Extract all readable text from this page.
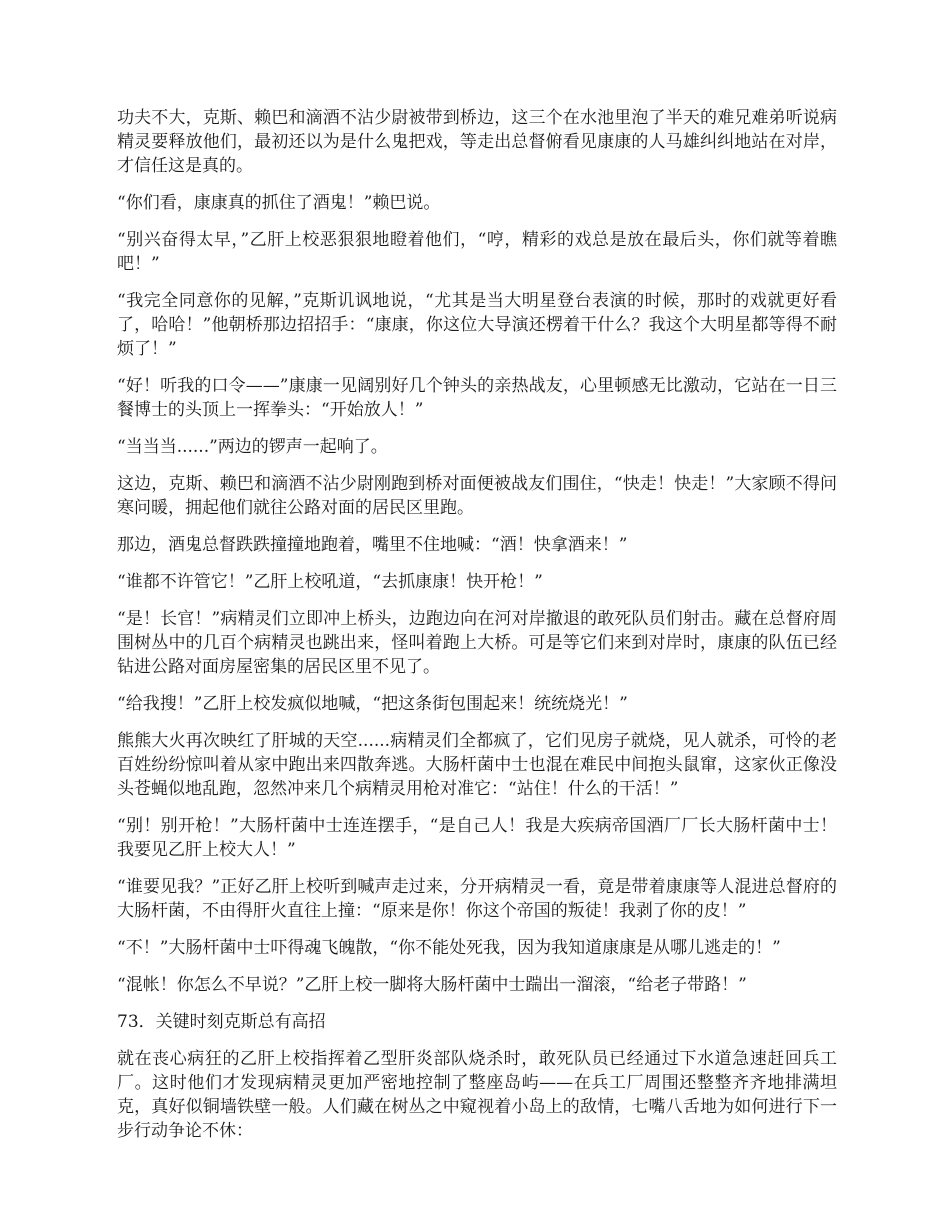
功夫不大，克斯、赖巴和滴酒不沾少尉被带到桥边，这三个在水池里泡了半天的难兄难弟听说病精灵要释放他们，最初还以为是什么鬼把戏，等走出总督俯看见康康的人马雄纠纠地站在对岸，才信任这是真的。

“你们看，康康真的抓住了酒鬼！”赖巴说。

“别兴奋得太早，”乙肝上校恶狠狠地瞪着他们，“哼，精彩的戏总是放在最后头，你们就等着瞧吧！”

“我完全同意你的见解，”克斯讥讽地说，“尤其是当大明星登台表演的时候，那时的戏就更好看了，哈哈！”他朝桥那边招招手：“康康，你这位大导演还楞着干什么？我这个大明星都等得不耐烦了！”

“好！听我的口令——”康康一见阔别好几个钟头的亲热战友，心里顿感无比激动，它站在一日三餐博士的头顶上一挥拳头：“开始放人！”

“当当当......”两边的锣声一起响了。

这边，克斯、赖巴和滴酒不沾少尉刚跑到桥对面便被战友们围住，“快走！快走！”大家顾不得问寒问暖，拥起他们就往公路对面的居民区里跑。

那边，酒鬼总督跌跌撞撞地跑着，嘴里不住地喊：“酒！快拿酒来！”

“谁都不许管它！”乙肝上校吼道，“去抓康康！快开枪！”

“是！长官！”病精灵们立即冲上桥头，边跑边向在河对岸撤退的敢死队员们射击。藏在总督府周围树丛中的几百个病精灵也跳出来，怪叫着跑上大桥。可是等它们来到对岸时，康康的队伍已经钻进公路对面房屋密集的居民区里不见了。

“给我搜！”乙肝上校发疯似地喊，“把这条街包围起来！统统烧光！”

熊熊大火再次映红了肝城的天空......病精灵们全都疯了，它们见房子就烧，见人就杀，可怜的老百姓纷纷惊叫着从家中跑出来四散奔逃。大肠杆菌中士也混在难民中间抱头鼠窜，这家伙正像没头苍蝇似地乱跑，忽然冲来几个病精灵用枪对准它：“站住！什么的干活！”

“别！别开枪！”大肠杆菌中士连连摆手，“是自己人！我是大疾病帝国酒厂厂长大肠杆菌中士！我要见乙肝上校大人！”

“谁要见我？”正好乙肝上校听到喊声走过来，分开病精灵一看，竟是带着康康等人混进总督府的大肠杆菌，不由得肝火直往上撞：“原来是你！你这个帝国的叛徒！我剥了你的皮！”

“不！”大肠杆菌中士吓得魂飞魄散，“你不能处死我，因为我知道康康是从哪儿逃走的！”

“混帐！你怎么不早说？”乙肝上校一脚将大肠杆菌中士踹出一溜滚，“给老子带路！”

73．关键时刻克斯总有高招

就在丧心病狂的乙肝上校指挥着乙型肝炎部队烧杀时，敢死队员已经通过下水道急速赶回兵工厂。这时他们才发现病精灵更加严密地控制了整座岛屿——在兵工厂周围还整整齐齐地排满坦克，真好似铜墙铁壁一般。人们藏在树丛之中窥视着小岛上的敌情，七嘴八舌地为如何进行下一步行动争论不休：
